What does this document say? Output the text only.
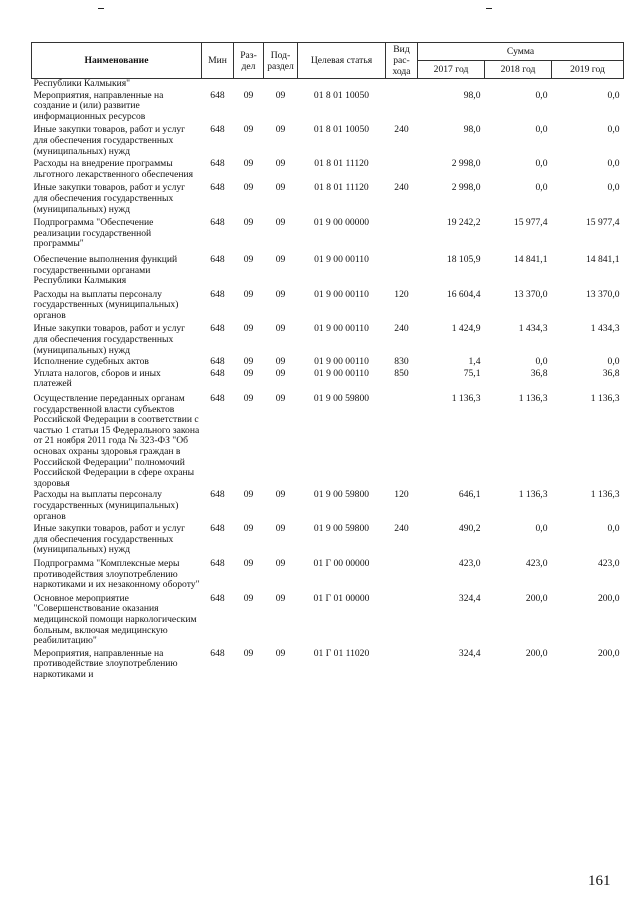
Наименование	Мин	Раз-дел	Под-раздел	Целевая статья	Вид рас-хода	Сумма		
						2017 год	2018 год	2019 год
Республики Калмыкия"								
Мероприятия, направленные на создание и (или) развитие информационных ресурсов	648	09	09	01 8 01 10050		98,0	0,0	0,0
Иные закупки товаров, работ и услуг для обеспечения государственных (муниципальных) нужд	648	09	09	01 8 01 10050	240	98,0	0,0	0,0
Расходы на внедрение программы льготного лекарственного обеспечения	648	09	09	01 8 01 11120		2 998,0	0,0	0,0
Иные закупки товаров, работ и услуг для обеспечения государственных (муниципальных) нужд	648	09	09	01 8 01 11120	240	2 998,0	0,0	0,0
Подпрограмма "Обеспечение реализации государственной программы"	648	09	09	01 9 00 00000		19 242,2	15 977,4	15 977,4
Обеспечение выполнения функций государственными органами Республики Калмыкия	648	09	09	01 9 00 00110		18 105,9	14 841,1	14 841,1
Расходы на выплаты персоналу государственных (муниципальных) органов	648	09	09	01 9 00 00110	120	16 604,4	13 370,0	13 370,0
Иные закупки товаров, работ и услуг для обеспечения государственных (муниципальных) нужд	648	09	09	01 9 00 00110	240	1 424,9	1 434,3	1 434,3
Исполнение судебных актов	648	09	09	01 9 00 00110	830	1,4	0,0	0,0
Уплата налогов, сборов и иных платежей	648	09	09	01 9 00 00110	850	75,1	36,8	36,8
Осуществление переданных органам государственной власти субъектов Российской Федерации в соответствии с частью 1 статьи 15 Федерального закона от 21 ноября 2011 года № 323-ФЗ "Об основах охраны здоровья граждан в Российской Федерации" полномочий Российской Федерации в сфере охраны здоровья	648	09	09	01 9 00 59800		1 136,3	1 136,3	1 136,3
Расходы на выплаты персоналу государственных (муниципальных) органов	648	09	09	01 9 00 59800	120	646,1	1 136,3	1 136,3
Иные закупки товаров, работ и услуг для обеспечения государственных (муниципальных) нужд	648	09	09	01 9 00 59800	240	490,2	0,0	0,0
Подпрограмма "Комплексные меры противодействия злоупотреблению наркотиками и их незаконному обороту"	648	09	09	01 Г 00 00000		423,0	423,0	423,0
Основное мероприятие "Совершенствование оказания медицинской помощи наркологическим больным, включая медицинскую реабилитацию"	648	09	09	01 Г 01 00000		324,4	200,0	200,0
Мероприятия, направленные на противодействие злоупотреблению наркотиками и	648	09	09	01 Г 01 11020		324,4	200,0	200,0
161
